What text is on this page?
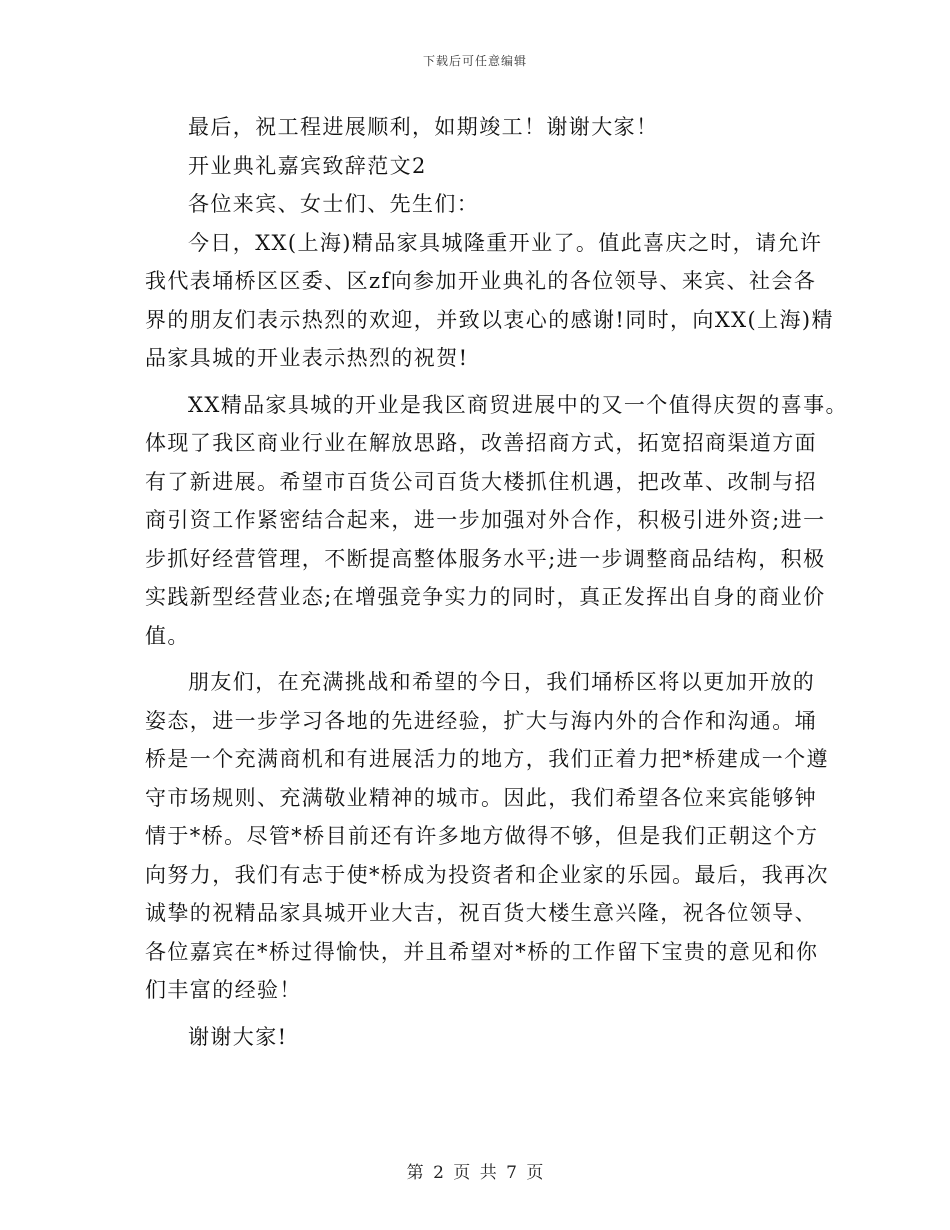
下载后可任意编辑
最后，祝工程进展顺利，如期竣工！谢谢大家！
开业典礼嘉宾致辞范文2
各位来宾、女士们、先生们：
今日，XX(上海)精品家具城隆重开业了。值此喜庆之时，请允许
我代表埇桥区区委、区zf向参加开业典礼的各位领导、来宾、社会各
界的朋友们表示热烈的欢迎，并致以衷心的感谢!同时，向XX(上海)精
品家具城的开业表示热烈的祝贺!
XX精品家具城的开业是我区商贸进展中的又一个值得庆贺的喜事。
体现了我区商业行业在解放思路，改善招商方式，拓宽招商渠道方面
有了新进展。希望市百货公司百货大楼抓住机遇，把改革、改制与招
商引资工作紧密结合起来，进一步加强对外合作，积极引进外资;进一
步抓好经营管理，不断提高整体服务水平;进一步调整商品结构，积极
实践新型经营业态;在增强竞争实力的同时，真正发挥出自身的商业价
值。
朋友们，在充满挑战和希望的今日，我们埇桥区将以更加开放的
姿态，进一步学习各地的先进经验，扩大与海内外的合作和沟通。埇
桥是一个充满商机和有进展活力的地方，我们正着力把*桥建成一个遵
守市场规则、充满敬业精神的城市。因此，我们希望各位来宾能够钟
情于*桥。尽管*桥目前还有许多地方做得不够，但是我们正朝这个方
向努力，我们有志于使*桥成为投资者和企业家的乐园。最后，我再次
诚挚的祝精品家具城开业大吉，祝百货大楼生意兴隆，祝各位领导、
各位嘉宾在*桥过得愉快，并且希望对*桥的工作留下宝贵的意见和你
们丰富的经验！
谢谢大家!
第 2 页 共 7 页
